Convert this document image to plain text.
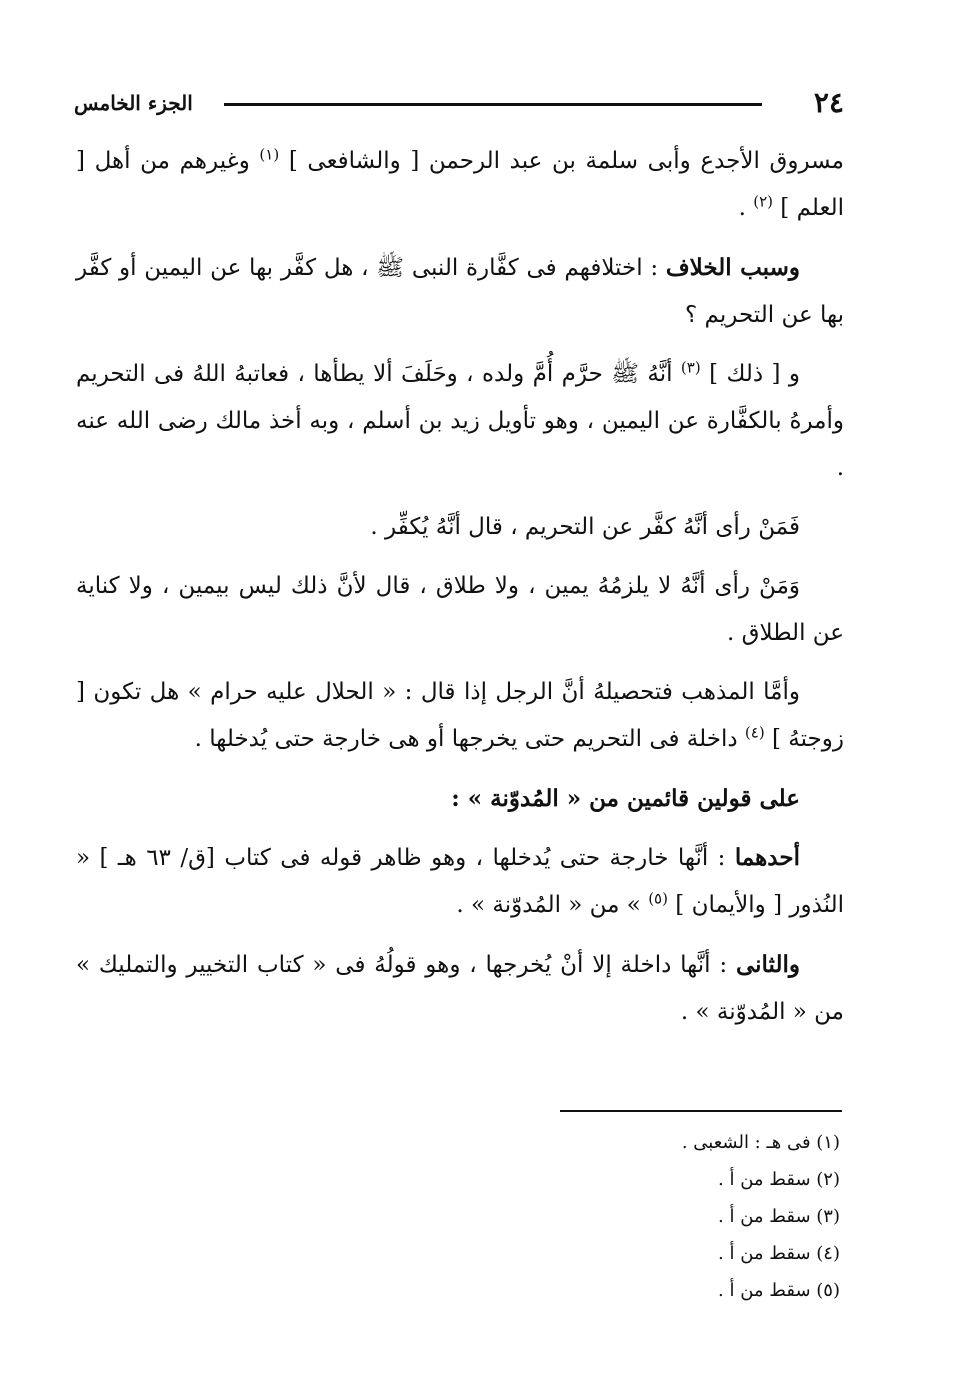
٢٤
الجزء الخامس

مسروق الأجدع وأبى سلمة بن عبد الرحمن [ والشافعى ] $^{(١)}$ وغيرهم من أهل [ العلم ] $^{(٢)}$ .

وسبب الخلاف : اختلافهم فى كفَّارة النبى ﷺ ، هل كفَّر بها عن اليمين أو كفَّر بها عن التحريم ؟

و [ ذلك ] $^{(٣)}$ أنَّهُ ﷺ حرَّم أُمَّ ولده ، وحَلَفَ ألا يطأها ، فعاتبهُ اللهُ فى التحريم وأمرهُ بالكفَّارة عن اليمين ، وهو تأويل زيد بن أسلم ، وبه أخذ مالك رضى الله عنه .

فَمَنْ رأى أنَّهُ كفَّر عن التحريم ، قال أنَّهُ يُكفِّر .

وَمَنْ رأى أنَّهُ لا يلزمُهُ يمين ، ولا طلاق ، قال لأنَّ ذلك ليس بيمين ، ولا كناية عن الطلاق .

وأمَّا المذهب فتحصيلهُ أنَّ الرجل إذا قال : « الحلال عليه حرام » هل تكون [ زوجتهُ ] $^{(٤)}$ داخلة فى التحريم حتى يخرجها أو هى خارجة حتى يُدخلها .

على قولين قائمين من « المُدوّنة » :

أحدهما : أنَّها خارجة حتى يُدخلها ، وهو ظاهر قوله فى كتاب [ق/ ٦٣ هـ ] « النُذور [ والأيمان ] $^{(٥)}$ » من « المُدوّنة » .

والثانى : أنَّها داخلة إلا أنْ يُخرجها ، وهو قولُهُ فى « كتاب التخيير والتمليك » من « المُدوّنة » .

(١) فى هـ : الشعبى .
(٢) سقط من أ .
(٣) سقط من أ .
(٤) سقط من أ .
(٥) سقط من أ .
